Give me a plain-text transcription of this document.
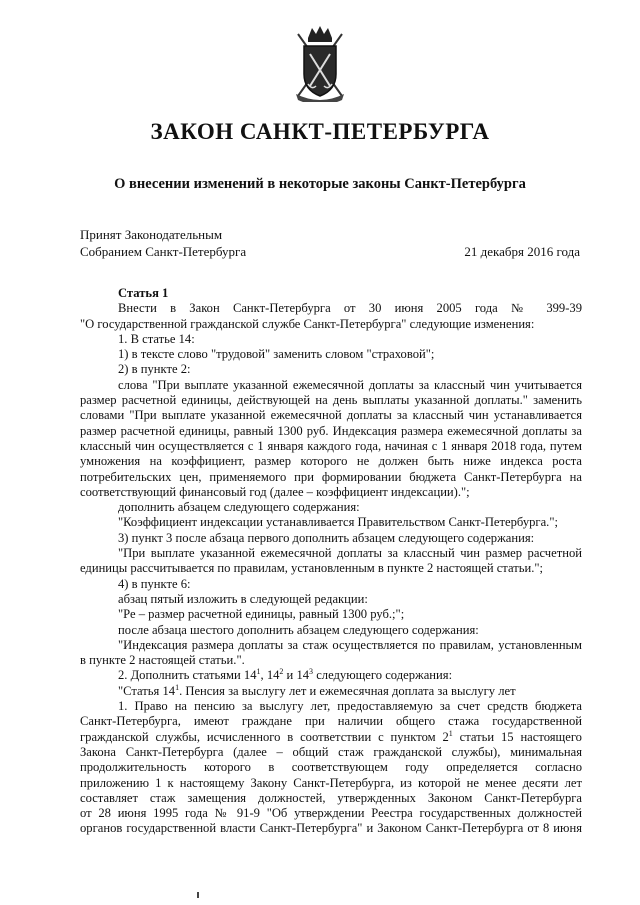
ЗАКОН САНКТ-ПЕТЕРБУРГА
О внесении изменений в некоторые законы Санкт-Петербурга
Принят Законодательным
Собранием Санкт-Петербурга	21 декабря 2016 года

Статья 1

Внести в Закон Санкт-Петербурга от 30 июня 2005 года № 399-39

"О государственной гражданской службе Санкт-Петербурга" следующие изменения:

1. В статье 14:

1) в тексте слово "трудовой" заменить словом "страховой";

2) в пункте 2:

слова "При выплате указанной ежемесячной доплаты за классный чин учитывается

размер расчетной единицы, действующей на день выплаты указанной доплаты." заменить

словами "При выплате указанной ежемесячной доплаты за классный чин устанавливается

размер расчетной единицы, равный 1300 руб. Индексация размера ежемесячной доплаты за

классный чин осуществляется с 1 января каждого года, начиная с 1 января 2018 года, путем

умножения на коэффициент, размер которого не должен быть ниже индекса роста

потребительских цен, применяемого при формировании бюджета Санкт-Петербурга на

соответствующий финансовый год (далее – коэффициент индексации).";

дополнить абзацем следующего содержания:

"Коэффициент индексации устанавливается Правительством Санкт-Петербурга.";

3) пункт 3 после абзаца первого дополнить абзацем следующего содержания:

"При выплате указанной ежемесячной доплаты за классный чин размер расчетной

единицы рассчитывается по правилам, установленным в пункте 2 настоящей статьи.";

4) в пункте 6:

абзац пятый изложить в следующей редакции:

"Ре – размер расчетной единицы, равный 1300 руб.;";

после абзаца шестого дополнить абзацем следующего содержания:

"Индексация размера доплаты за стаж осуществляется по правилам, установленным

в пункте 2 настоящей статьи.".

2. Дополнить статьями $14^1$, $14^2$ и $14^3$ следующего содержания:

"Статья $14^1$. Пенсия за выслугу лет и ежемесячная доплата за выслугу лет

1. Право на пенсию за выслугу лет, предоставляемую за счет средств бюджета

Санкт-Петербурга, имеют граждане при наличии общего стажа государственной

гражданской службы, исчисленного в соответствии с пунктом $2^1$ статьи 15 настоящего

Закона Санкт-Петербурга (далее – общий стаж гражданской службы), минимальная

продолжительность которого в соответствующем году определяется согласно

приложению 1 к настоящему Закону Санкт-Петербурга, из которой не менее десяти лет

составляет стаж замещения должностей, утвержденных Законом Санкт-Петербурга

от 28 июня 1995 года № 91-9 "Об утверждении Реестра государственных должностей

органов государственной власти Санкт-Петербурга" и Законом Санкт-Петербурга от 8 июня
